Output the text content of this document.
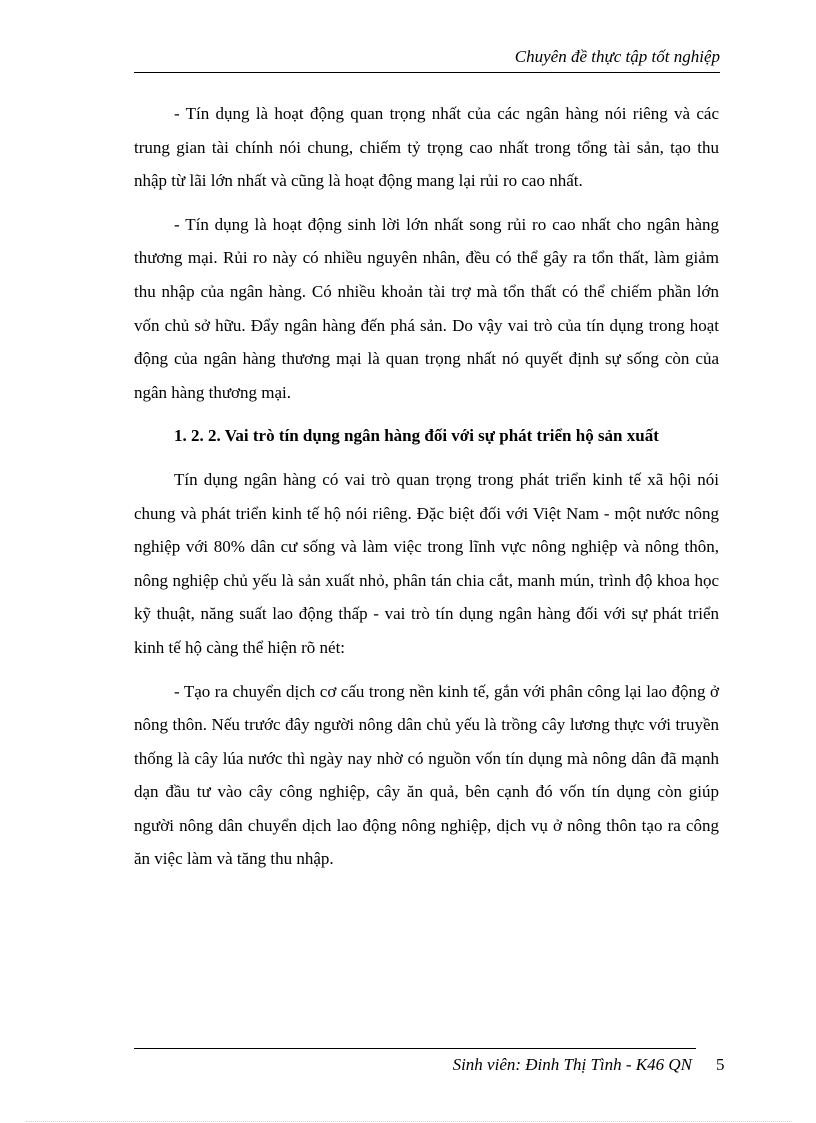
Chuyên đề thực tập tốt nghiệp

- Tín dụng là hoạt động quan trọng nhất của các ngân hàng nói riêng và các trung gian tài chính nói chung, chiếm tỷ trọng cao nhất trong tổng tài sản, tạo thu nhập từ lãi lớn nhất và cũng là hoạt động mang lại rủi ro cao nhất.

- Tín dụng là hoạt động sinh lời lớn nhất song rủi ro cao nhất cho ngân hàng thương mại. Rủi ro này có nhiều nguyên nhân, đều có thể gây ra tổn thất, làm giảm thu nhập của ngân hàng. Có nhiều khoản tài trợ mà tổn thất có thể chiếm phần lớn vốn chủ sở hữu. Đẩy ngân hàng đến phá sản. Do vậy vai trò của tín dụng trong hoạt động của ngân hàng thương mại là quan trọng nhất nó quyết định sự sống còn của ngân hàng thương mại.

1. 2. 2. Vai trò tín dụng ngân hàng đối với sự phát triển hộ sản xuất

Tín dụng ngân hàng có vai trò quan trọng trong phát triển kinh tế xã hội nói chung và phát triển kinh tế hộ nói riêng. Đặc biệt đối với Việt Nam - một nước nông nghiệp với 80% dân cư sống và làm việc trong lĩnh vực nông nghiệp và nông thôn, nông nghiệp chủ yếu là sản xuất nhỏ, phân tán chia cắt, manh mún, trình độ khoa học kỹ thuật, năng suất lao động thấp - vai trò tín dụng ngân hàng đối với sự phát triển kinh tế hộ càng thể hiện rõ nét:

- Tạo ra chuyển dịch cơ cấu trong nền kinh tế, gắn với phân công lại lao động ở nông thôn. Nếu trước đây người nông dân chủ yếu là trồng cây lương thực với truyền thống là cây lúa nước thì ngày nay nhờ có nguồn vốn tín dụng mà nông dân đã mạnh dạn đầu tư vào cây công nghiệp, cây ăn quả, bên cạnh đó vốn tín dụng còn giúp người nông dân chuyển dịch lao động nông nghiệp, dịch vụ ở nông thôn tạo ra công ăn việc làm và tăng thu nhập.

Sinh viên: Đinh Thị Tình - K46 QN 5
